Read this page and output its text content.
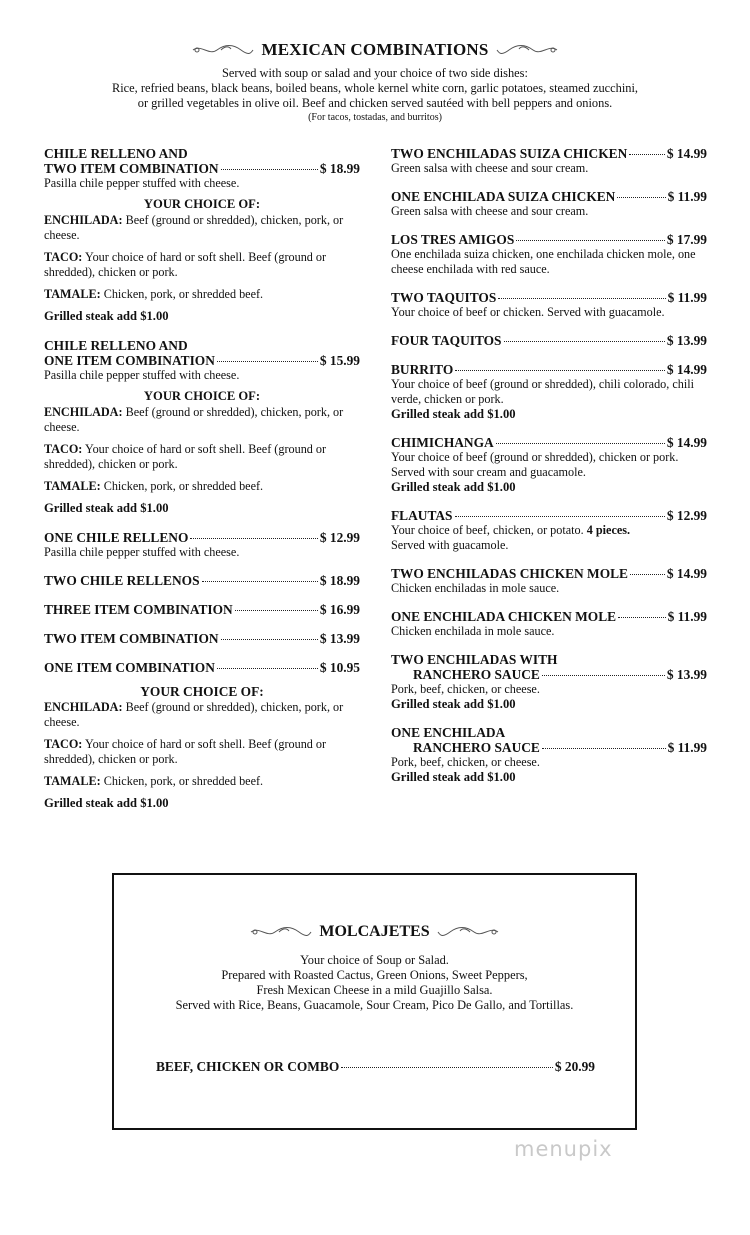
MEXICAN COMBINATIONS
Served with soup or salad and your choice of two side dishes:
Rice, refried beans, black beans, boiled beans, whole kernel white corn, garlic potatoes, steamed zucchini,
or grilled vegetables in olive oil. Beef and chicken served sautéed with bell peppers and onions.
(For tacos, tostadas, and burritos)
CHILE RELLENO AND
TWO ITEM COMBINATION	$ 18.99
Pasilla chile pepper stuffed with cheese.
YOUR CHOICE OF:
ENCHILADA: Beef (ground or shredded), chicken, pork, or cheese.
TACO: Your choice of hard or soft shell. Beef (ground or shredded), chicken or pork.
TAMALE: Chicken, pork, or shredded beef.
Grilled steak add $1.00
CHILE RELLENO AND
ONE ITEM COMBINATION	$ 15.99
Pasilla chile pepper stuffed with cheese.
YOUR CHOICE OF:
ENCHILADA: Beef (ground or shredded), chicken, pork, or cheese.
TACO: Your choice of hard or soft shell. Beef (ground or shredded), chicken or pork.
TAMALE: Chicken, pork, or shredded beef.
Grilled steak add $1.00
ONE CHILE RELLENO	$ 12.99
Pasilla chile pepper stuffed with cheese.
TWO CHILE RELLENOS	$ 18.99
THREE ITEM COMBINATION	$ 16.99
TWO ITEM COMBINATION	$ 13.99
ONE ITEM COMBINATION	$ 10.95
YOUR CHOICE OF:
ENCHILADA: Beef (ground or shredded), chicken, pork, or cheese.
TACO: Your choice of hard or soft shell. Beef (ground or shredded), chicken or pork.
TAMALE: Chicken, pork, or shredded beef.
Grilled steak add $1.00
TWO ENCHILADAS SUIZA CHICKEN	$ 14.99
Green salsa with cheese and sour cream.
ONE ENCHILADA SUIZA CHICKEN	$ 11.99
Green salsa with cheese and sour cream.
LOS TRES AMIGOS	$ 17.99
One enchilada suiza chicken, one enchilada chicken mole, one cheese enchilada with red sauce.
TWO TAQUITOS	$ 11.99
Your choice of beef or chicken. Served with guacamole.
FOUR TAQUITOS	$ 13.99
BURRITO	$ 14.99
Your choice of beef (ground or shredded), chili colorado, chili verde, chicken or pork.
Grilled steak add $1.00
CHIMICHANGA	$ 14.99
Your choice of beef (ground or shredded), chicken or pork. Served with sour cream and guacamole.
Grilled steak add $1.00
FLAUTAS	$ 12.99
Your choice of beef, chicken, or potato. 4 pieces.
Served with guacamole.
TWO ENCHILADAS CHICKEN MOLE	$ 14.99
Chicken enchiladas in mole sauce.
ONE ENCHILADA CHICKEN MOLE	$ 11.99
Chicken enchilada in mole sauce.
TWO ENCHILADAS WITH
RANCHERO SAUCE	$ 13.99
Pork, beef, chicken, or cheese.
Grilled steak add $1.00
ONE ENCHILADA
RANCHERO SAUCE	$ 11.99
Pork, beef, chicken, or cheese.
Grilled steak add $1.00
MOLCAJETES
Your choice of Soup or Salad.
Prepared with Roasted Cactus, Green Onions, Sweet Peppers,
Fresh Mexican Cheese in a mild Guajillo Salsa.
Served with Rice, Beans, Guacamole, Sour Cream, Pico De Gallo, and Tortillas.
BEEF, CHICKEN OR COMBO	$ 20.99
menupix
